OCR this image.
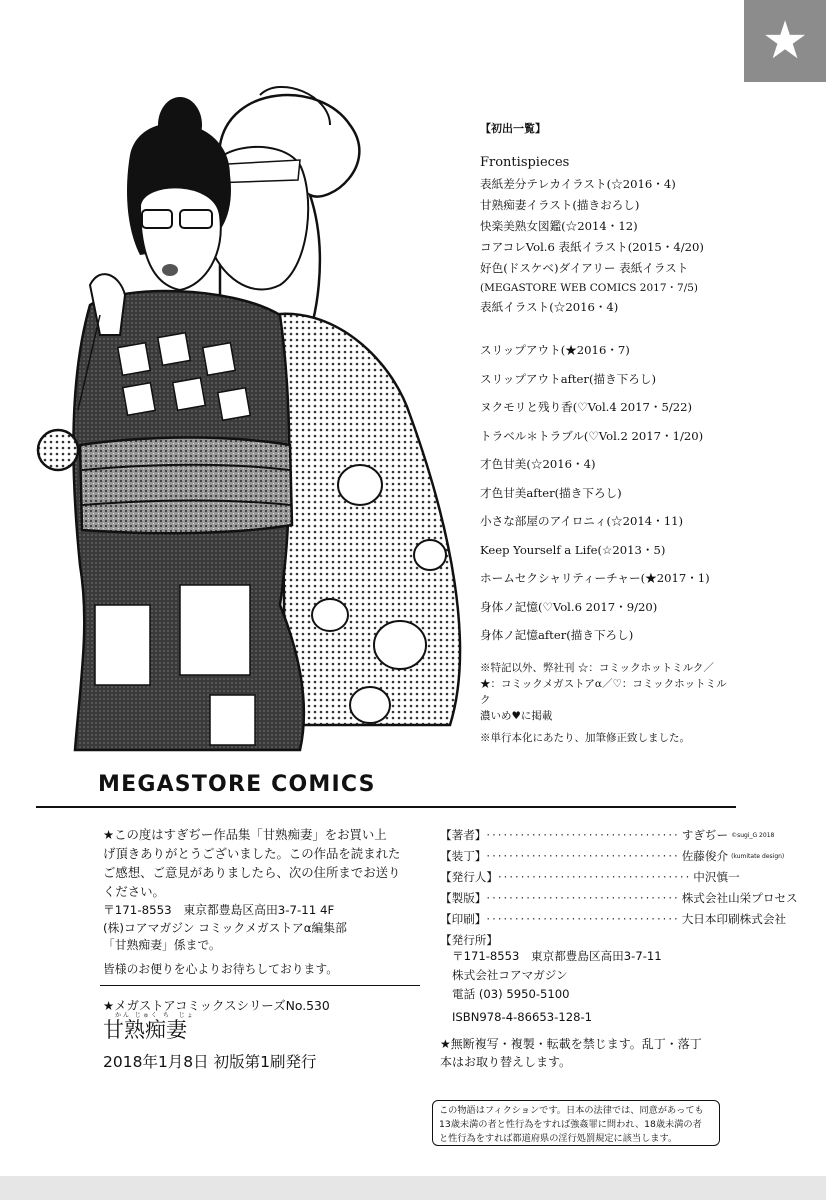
★
【初出一覧】
Frontispieces
表紙差分テレカイラスト(☆2016・4)
甘熟痴妻イラスト(描きおろし)
快楽美熟女図鑑(☆2014・12)
コアコレVol.6 表紙イラスト(2015・4/20)
好色(ドスケベ)ダイアリー 表紙イラスト
(MEGASTORE WEB COMICS 2017・7/5)
表紙イラスト(☆2016・4)
スリップアウト(★2016・7)
スリップアウトafter(描き下ろし)
ヌクモリと残り香(♡Vol.4 2017・5/22)
トラベル＊トラブル(♡Vol.2 2017・1/20)
才色甘美(☆2016・4)
才色甘美after(描き下ろし)
小さな部屋のアイロニィ(☆2014・11)
Keep Yourself a Life(☆2013・5)
ホームセクシャリティーチャー(★2017・1)
身体ノ記憶(♡Vol.6 2017・9/20)
身体ノ記憶after(描き下ろし)
※特記以外、弊社刊 ☆：コミックホットミルク／
★：コミックメガストアα／♡：コミックホットミルク
濃いめ♥に掲載
※単行本化にあたり、加筆修正致しました。
MEGASTORE COMICS
★この度はすぎぢー作品集「甘熟痴妻」をお買い上
げ頂きありがとうございました。この作品を読まれた
ご感想、ご意見がありましたら、次の住所までお送り
ください。
〒171-8553　東京都豊島区高田3-7-11 4F
(株)コアマガジン コミックメガストアα編集部
「甘熟痴妻」係まで。
皆様のお便りを心よりお待ちしております。
★メガストアコミックスシリーズNo.530
かん じゅく ち　じょ
甘熟痴妻
2018年1月8日 初版第1刷発行
【著者】 ·································· すぎぢー ©sugi_G 2018
【装丁】 ·································· 佐藤俊介 (kumitate design)
【発行人】 ·································· 中沢慎一
【製版】 ·································· 株式会社山栄プロセス
【印刷】 ·································· 大日本印刷株式会社
【発行所】
〒171-8553　東京都豊島区高田3-7-11
株式会社コアマガジン
電話 (03) 5950-5100
ISBN978-4-86653-128-1
★無断複写・複製・転載を禁じます。乱丁・落丁
本はお取り替えします。
この物語はフィクションです。日本の法律では、同意があっても
13歳未満の者と性行為をすれば強姦罪に問われ、18歳未満の者
と性行為をすれば都道府県の淫行処罰規定に該当します。
